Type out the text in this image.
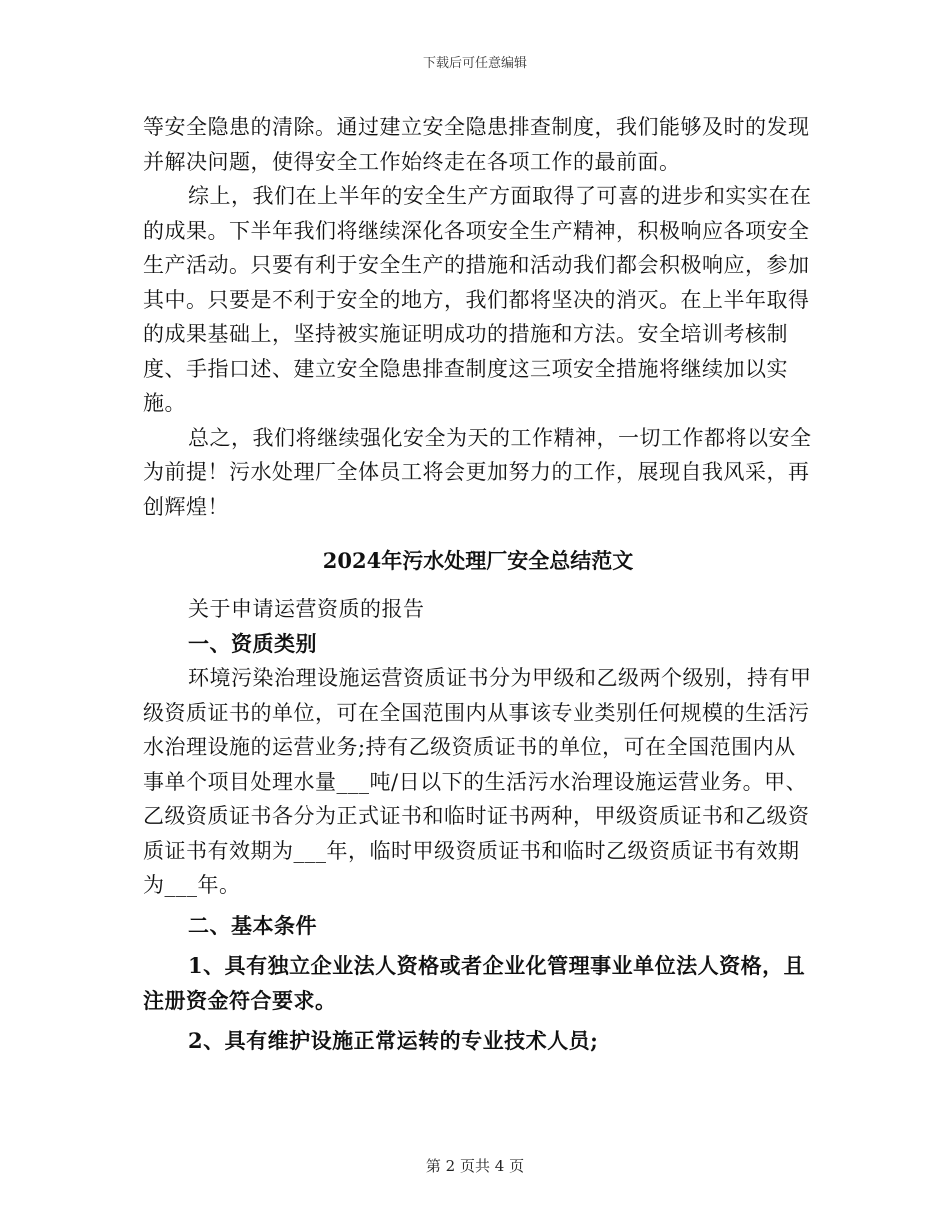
下载后可任意编辑

等安全隐患的清除。通过建立安全隐患排查制度，我们能够及时的发现并解决问题，使得安全工作始终走在各项工作的最前面。

综上，我们在上半年的安全生产方面取得了可喜的进步和实实在在的成果。下半年我们将继续深化各项安全生产精神，积极响应各项安全生产活动。只要有利于安全生产的措施和活动我们都会积极响应，参加其中。只要是不利于安全的地方，我们都将坚决的消灭。在上半年取得的成果基础上，坚持被实施证明成功的措施和方法。安全培训考核制度、手指口述、建立安全隐患排查制度这三项安全措施将继续加以实施。

总之，我们将继续强化安全为天的工作精神，一切工作都将以安全为前提！污水处理厂全体员工将会更加努力的工作，展现自我风采，再创辉煌！

2024年污水处理厂安全总结范文

关于申请运营资质的报告

一、资质类别

环境污染治理设施运营资质证书分为甲级和乙级两个级别，持有甲级资质证书的单位，可在全国范围内从事该专业类别任何规模的生活污水治理设施的运营业务;持有乙级资质证书的单位，可在全国范围内从事单个项目处理水量___吨/日以下的生活污水治理设施运营业务。甲、乙级资质证书各分为正式证书和临时证书两种，甲级资质证书和乙级资质证书有效期为___年，临时甲级资质证书和临时乙级资质证书有效期为___年。

二、基本条件

1、具有独立企业法人资格或者企业化管理事业单位法人资格，且注册资金符合要求。

2、具有维护设施正常运转的专业技术人员;

第 2 页共 4 页
